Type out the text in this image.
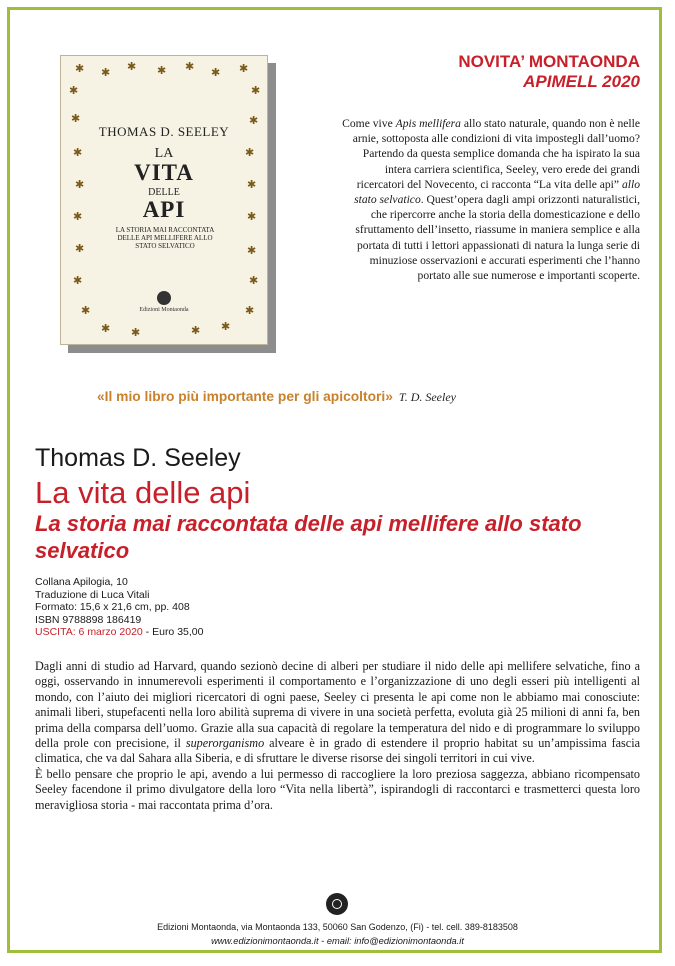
THOMAS D. SEELEY
LA
VITA
DELLE
API
LA STORIA MAI RACCONTATA DELLE API MELLIFERE ALLO STATO SELVATICO
Edizioni Montaonda
✱ ✱ ✱ ✱ ✱ ✱ ✱
✱	✱
✱	✱
✱	✱
✱	✱
✱	✱
✱	✱
✱	✱
✱	✱
✱ ✱	✱ ✱
NOVITA’ MONTAONDA
APIMELL 2020
Come vive Apis mellifera allo stato naturale, quando non è nelle arnie, sottoposta alle condizioni di vita impostegli dall’uomo? Partendo da questa semplice domanda che ha ispirato la sua intera carriera scientifica, Seeley, vero erede dei grandi ricercatori del Novecento, ci racconta “La vita delle api” allo stato selvatico. Quest’opera dagli ampi orizzonti naturalistici, che ripercorre anche la storia della domesticazione e dello sfruttamento dell’insetto, riassume in maniera semplice e alla portata di tutti i lettori appassionati di natura la lunga serie di minuziose osservazioni e accurati esperimenti che l’hanno portato alle sue numerose e importanti scoperte.
«Il mio libro più importante per gli apicoltori» T. D. Seeley
Thomas D. Seeley
La vita delle api
La storia mai raccontata delle api mellifere allo stato selvatico
Collana Apilogia, 10
Traduzione di Luca Vitali
Formato: 15,6 x 21,6 cm, pp. 408
ISBN 9788898 186419
USCITA: 6 marzo 2020 - Euro 35,00

Dagli anni di studio ad Harvard, quando sezionò decine di alberi per studiare il nido delle api mellifere selvatiche, fino a oggi, osservando in innumerevoli esperimenti il comportamento e l’organizzazione di uno degli esseri più intelligenti al mondo, con l’aiuto dei migliori ricercatori di ogni paese, Seeley ci presenta le api come non le abbiamo mai conosciute: animali liberi, stupefacenti nella loro abilità suprema di vivere in una società perfetta, evoluta già 25 milioni di anni fa, ben prima della comparsa dell’uomo. Grazie alla sua capacità di regolare la temperatura del nido e di programmare lo sviluppo della prole con precisione, il superorganismo alveare è in grado di estendere il proprio habitat su un’ampissima fascia climatica, che va dal Sahara alla Siberia, e di sfruttare le diverse risorse dei singoli territori in cui vive.

È bello pensare che proprio le api, avendo a lui permesso di raccogliere la loro preziosa saggezza, abbiano ricompensato Seeley facendone il primo divulgatore della loro “Vita nella libertà”, ispirandogli di raccontarci e trasmetterci questa loro meravigliosa storia - mai raccontata prima d’ora.

Edizioni Montaonda, via Montaonda 133, 50060 San Godenzo, (Fi) - tel. cell. 389-8183508
www.edizionimontaonda.it - email: info@edizionimontaonda.it
